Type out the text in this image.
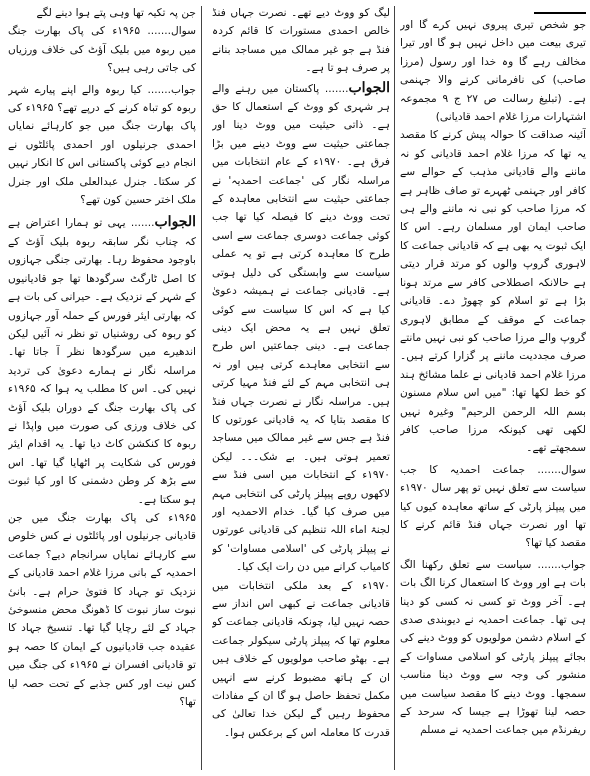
جو شخص تیری پیروی نہیں کرے گا اور تیری بیعت میں داخل نہیں ہو گا اور تیرا مخالف رہے گا وہ خدا اور رسول (مرزا صاحب) کی نافرمانی کرنے والا جہنمی ہے۔ (تبلیغ رسالت ص ۲۷ ج ۹ مجموعہ اشتہارات مرزا غلام احمد قادیانی)

آئینہ صداقت کا حوالہ پیش کرنے کا مقصد یہ تھا کہ مرزا غلام احمد قادیانی کو نہ ماننے والے قادیانی مذہب کے حوالے سے کافر اور جہنمی ٹھہرے تو صاف ظاہر ہے کہ مرزا صاحب کو نبی نہ ماننے والے ہی صاحب ایمان اور مسلمان رہے۔ اس کا ایک ثبوت یہ بھی ہے کہ قادیانی جماعت کا لاہوری گروپ والوں کو مرتد قرار دیتی ہے حالانکہ اصطلاحی کافر سے مرتد ہونا بڑا ہے تو اسلام کو چھوڑ دے۔ قادیانی جماعت کے موقف کے مطابق لاہوری گروپ والے مرزا صاحب کو نبی نہیں مانتے صرف مجددیت ماننے پر گزارا کرتے ہیں۔ مرزا غلام احمد قادیانی نے علما مشائخ ہند کو خط لکھا تھا: "میں اس سلام مسنون بسم اللہ الرحمن الرحیم" وغیرہ نہیں لکھی تھی کیونکہ مرزا صاحب کافر سمجھتے تھے۔

سوال....... جماعت احمدیہ کا جب سیاست سے تعلق نہیں تو پھر سال ۱۹۷۰ء میں پیپلز پارٹی کے ساتھ معاہدہ کیوں کیا تھا اور نصرت جہاں فنڈ قائم کرنے کا مقصد کیا تھا؟

جواب....... سیاست سے تعلق رکھنا الگ بات ہے اور ووٹ کا استعمال کرنا الگ بات ہے۔ آخر ووٹ تو کسی نہ کسی کو دینا ہی تھا۔ جماعت احمدیہ نے دیوبندی صدی کے اسلام دشمن مولویوں کو ووٹ دینے کی بجائے پیپلز پارٹی کو اسلامی مساوات کے منشور کی وجہ سے ووٹ دینا مناسب سمجھا۔ ووٹ دینے کا مقصد سیاست میں حصہ لینا تھوڑا ہے جیسا کہ سرحد کے ریفرنڈم میں جماعت احمدیہ نے مسلم

لیگ کو ووٹ دیے تھے۔ نصرت جہاں فنڈ خالص احمدی مستورات کا قائم کردہ فنڈ ہے جو غیر ممالک میں مساجد بنانے پر صرف ہو تا ہے۔

الجواب....... پاکستان میں رہنے والے ہر شہری کو ووٹ کے استعمال کا حق ہے۔ ذاتی حیثیت میں ووٹ دینا اور جماعتی حیثیت سے ووٹ دینے میں بڑا فرق ہے۔ ۱۹۷۰ء کے عام انتخابات میں مراسلہ نگار کی 'جماعت احمدیہ' نے جماعتی حیثیت سے انتخابی معاہدہ کے تحت ووٹ دینے کا فیصلہ کیا تھا جب کوئی جماعت دوسری جماعت سے اسی طرح کا معاہدہ کرتی ہے تو یہ عملی سیاست سے وابستگی کی دلیل ہوتی ہے۔ قادیانی جماعت نے ہمیشہ دعویٰ کیا ہے کہ اس کا سیاست سے کوئی تعلق نہیں ہے یہ محض ایک دینی جماعت ہے۔ دینی جماعتیں اس طرح سے انتخابی معاہدے کرتی ہیں اور نہ ہی انتخابی مہم کے لئے فنڈ مہیا کرتی ہیں۔ مراسلہ نگار نے نصرت جہاں فنڈ کا مقصد بتایا کہ یہ قادیانی عورتوں کا فنڈ ہے جس سے غیر ممالک میں مساجد تعمیر ہوتی ہیں۔ بے شک۔۔۔ لیکن ۱۹۷۰ء کے انتخابات میں اسی فنڈ سے لاکھوں روپے پیپلز پارٹی کی انتخابی مہم میں صرف کیا گیا۔ خدام الاحمدیہ اور لجنۃ اماء اللہ تنظیم کی قادیانی عورتوں نے پیپلز پارٹی کی 'اسلامی مساوات' کو کامیاب کرانے میں دن رات ایک کیا۔

۱۹۷۰ء کے بعد ملکی انتخابات میں قادیانی جماعت نے کبھی اس انداز سے حصہ نہیں لیا، چونکہ قادیانی جماعت کو معلوم تھا کہ پیپلز پارٹی سیکولر جماعت ہے۔ بھٹو صاحب مولویوں کے خلاف ہیں ان کے ہاتھ مضبوط کرنے سے انہیں مکمل تحفظ حاصل ہو گا ان کے مفادات محفوظ رہیں گے لیکن خدا تعالیٰ کی قدرت کا معاملہ اس کے برعکس ہوا۔

جن پہ تکیہ تھا وہی پتے ہوا دینے لگے

سوال....... ۱۹۶۵ء کی پاک بھارت جنگ میں ربوہ میں بلیک آؤٹ کی خلاف ورزیاں کی جاتی رہی ہیں؟

جواب....... کیا ربوہ والے اپنے پیارے شہر ربوہ کو تباہ کرنے کے درپے تھے؟ ۱۹۶۵ء کی پاک بھارت جنگ میں جو کارہائے نمایاں احمدی جرنیلوں اور احمدی پائلٹوں نے انجام دیے کوئی پاکستانی اس کا انکار نہیں کر سکتا۔ جنرل عبدالعلی ملک اور جنرل ملک اختر حسین کون تھے؟

الجواب....... یہی تو ہمارا اعتراض ہے کہ چناب نگر سابقہ ربوہ بلیک آؤٹ کے باوجود محفوظ رہا۔ بھارتی جنگی جہازوں کا اصل ٹارگٹ سرگودھا تھا جو قادیانیوں کے شہر کے نزدیک ہے۔ حیرانی کی بات ہے کہ بھارتی ایئر فورس کے حملہ آور جہازوں کو ربوہ کی روشنیاں تو نظر نہ آئیں لیکن اندھیرے میں سرگودھا نظر آ جاتا تھا۔ مراسلہ نگار نے ہمارے دعویٰ کی تردید نہیں کی۔ اس کا مطلب یہ ہوا کہ ۱۹۶۵ء کی پاک بھارت جنگ کے دوران بلیک آؤٹ کی خلاف ورزی کی صورت میں واپڈا نے ربوہ کا کنکشن کاٹ دیا تھا۔ یہ اقدام ایئر فورس کی شکایت پر اٹھایا گیا تھا۔ اس سے بڑھ کر وطن دشمنی کا اور کیا ثبوت ہو سکتا ہے۔

۱۹۶۵ء کی پاک بھارت جنگ میں جن قادیانی جرنیلوں اور پائلٹوں نے کس خلوص سے کارہائے نمایاں سرانجام دیے؟ جماعت احمدیہ کے بانی مرزا غلام احمد قادیانی کے نزدیک تو جہاد کا فتویٰ حرام ہے۔ بانیٔ نبوت ساز نبوت کا ڈھونگ محض منسوخیٔ جہاد کے لئے رچایا گیا تھا۔ تنسیخ جہاد کا عقیدہ جب قادیانیوں کے ایمان کا حصہ ہو تو قادیانی افسران نے ۱۹۶۵ء کی جنگ میں کس نیت اور کس جذبے کے تحت حصہ لیا تھا؟
